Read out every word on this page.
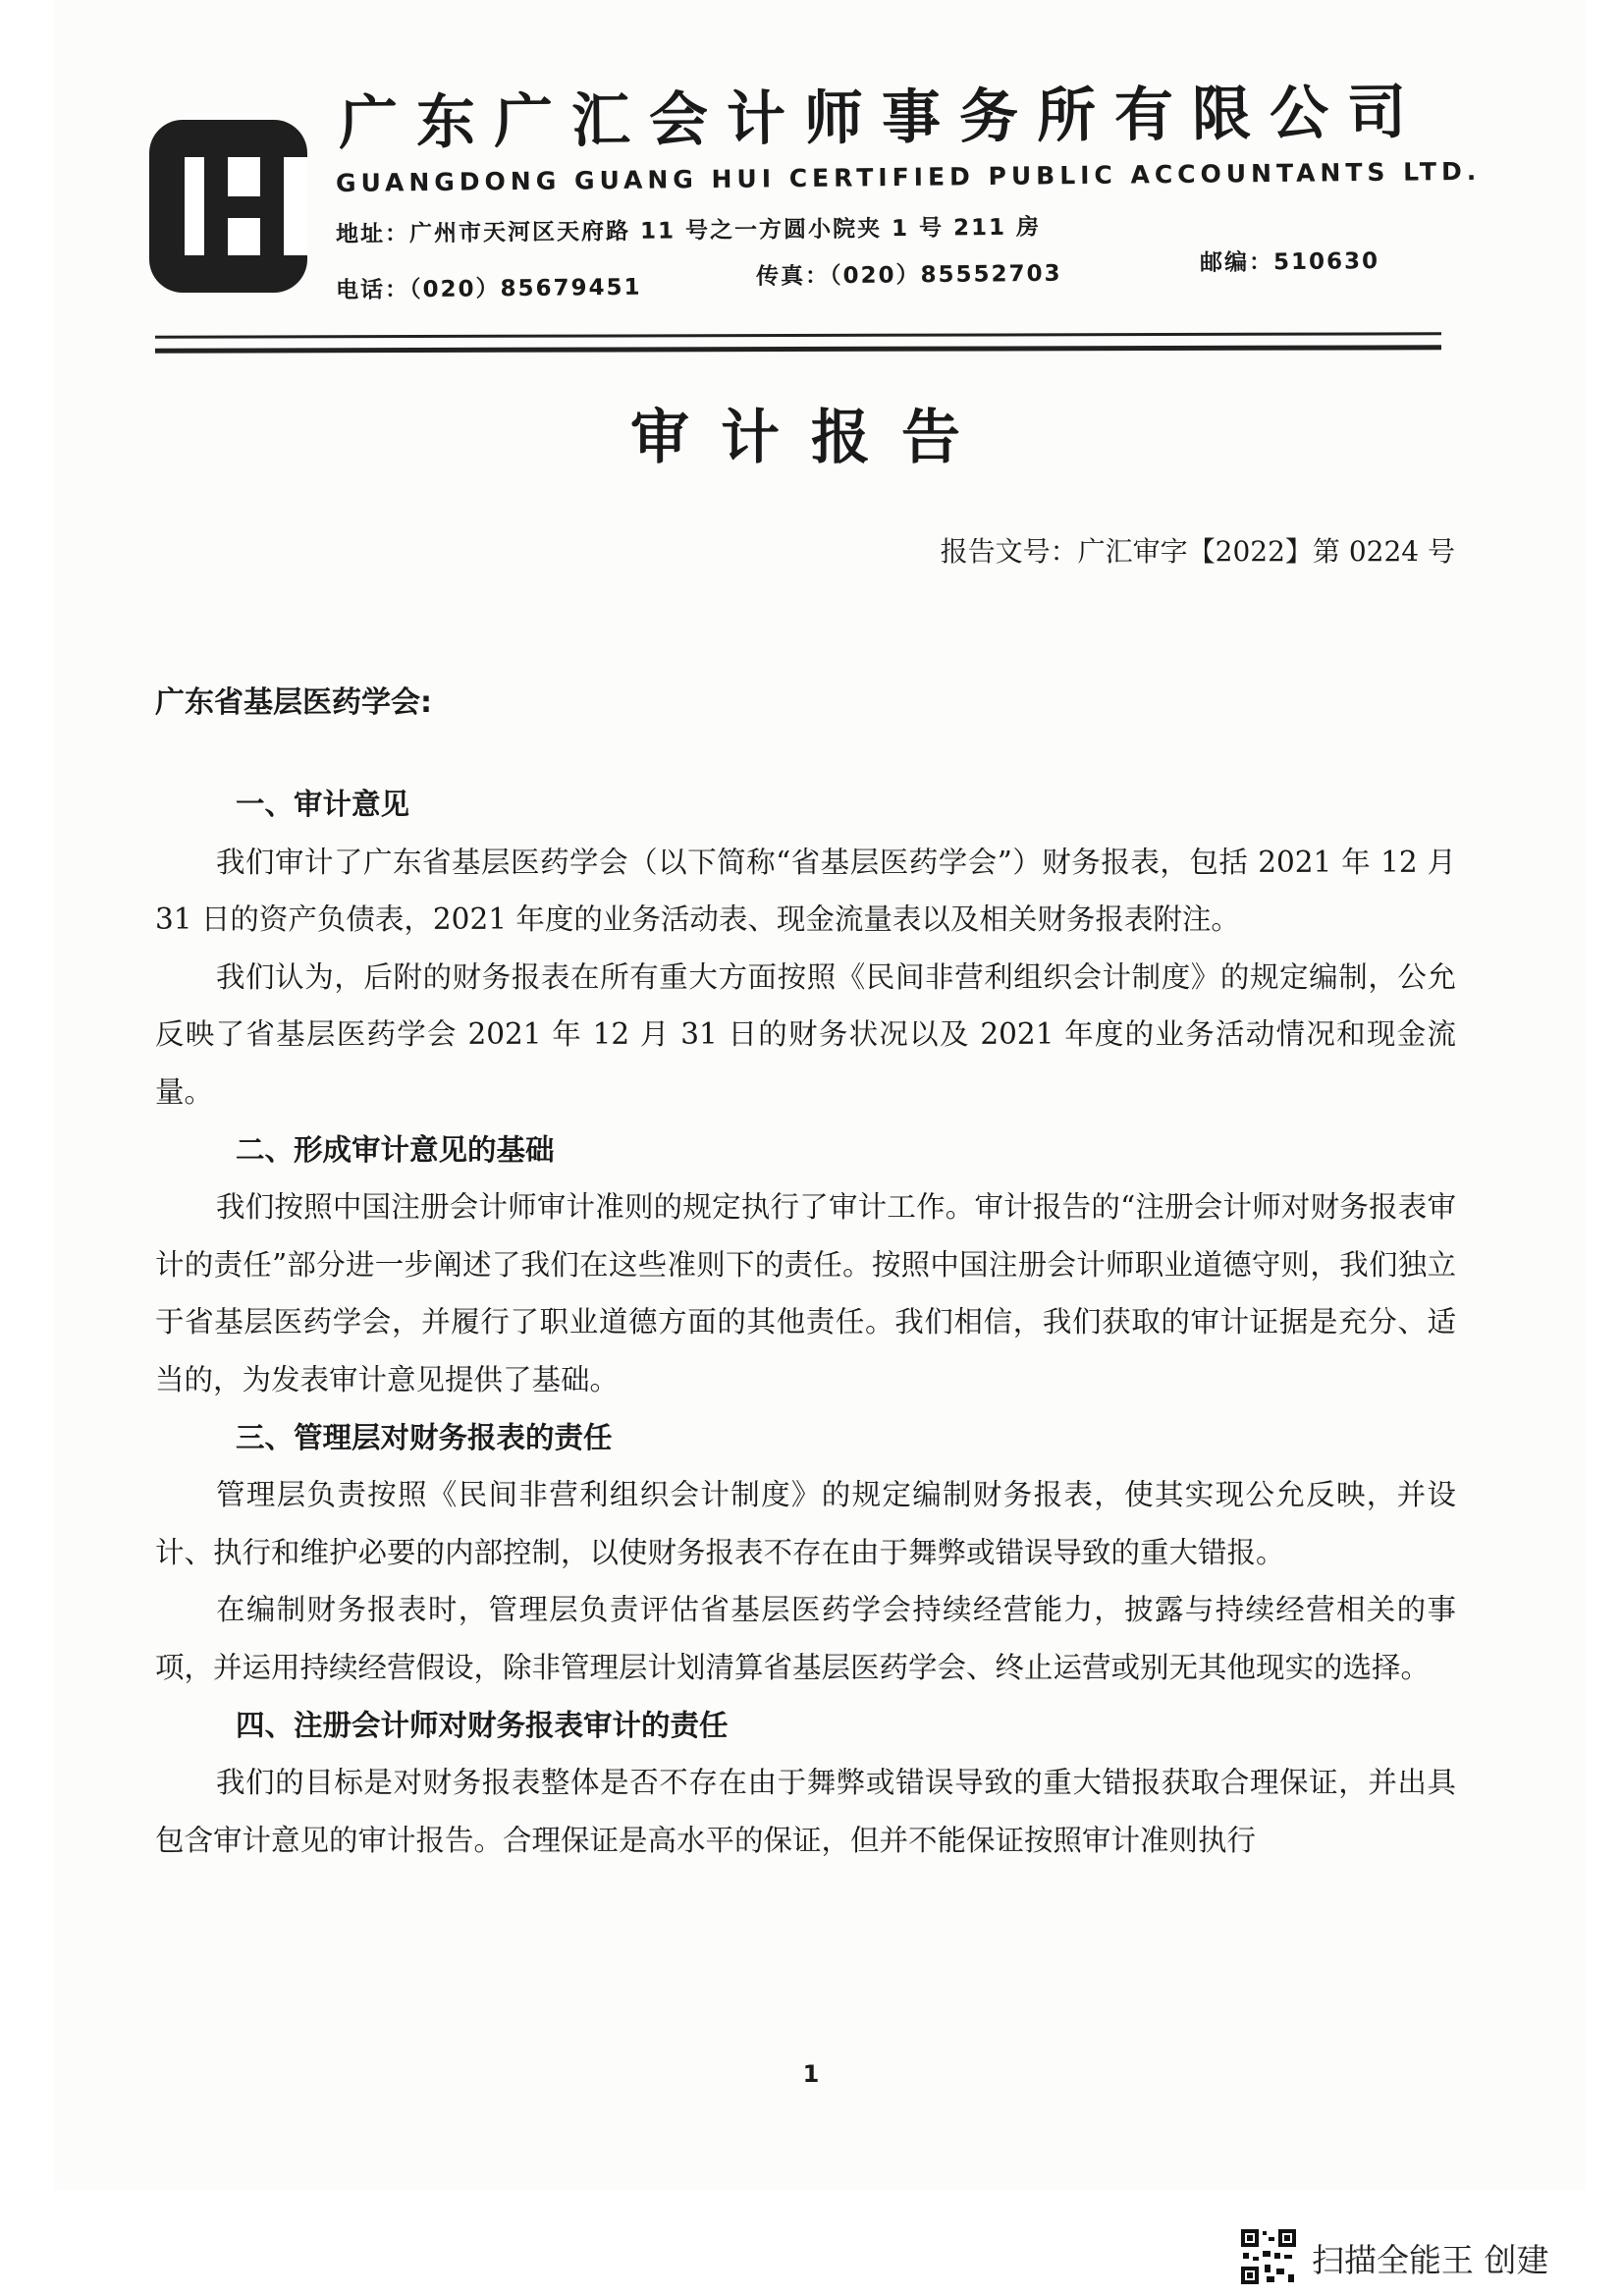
广东广汇会计师事务所有限公司
GUANGDONG GUANG HUI CERTIFIED PUBLIC ACCOUNTANTS LTD.
地址：广州市天河区天府路 11 号之一方圆小院夹 1 号 211 房
电话：（020）85679451	传真：（020）85552703	邮编：510630
审计报告
报告文号：广汇审字【2022】第 0224 号
广东省基层医药学会:

一、审计意见

我们审计了广东省基层医药学会（以下简称“省基层医药学会”）财务报表，包括 2021 年 12 月 31 日的资产负债表，2021 年度的业务活动表、现金流量表以及相关财务报表附注。

我们认为，后附的财务报表在所有重大方面按照《民间非营利组织会计制度》的规定编制，公允反映了省基层医药学会 2021 年 12 月 31 日的财务状况以及 2021 年度的业务活动情况和现金流量。

二、形成审计意见的基础

我们按照中国注册会计师审计准则的规定执行了审计工作。审计报告的“注册会计师对财务报表审计的责任”部分进一步阐述了我们在这些准则下的责任。按照中国注册会计师职业道德守则，我们独立于省基层医药学会，并履行了职业道德方面的其他责任。我们相信，我们获取的审计证据是充分、适当的，为发表审计意见提供了基础。

三、管理层对财务报表的责任

管理层负责按照《民间非营利组织会计制度》的规定编制财务报表，使其实现公允反映，并设计、执行和维护必要的内部控制，以使财务报表不存在由于舞弊或错误导致的重大错报。

在编制财务报表时，管理层负责评估省基层医药学会持续经营能力，披露与持续经营相关的事项，并运用持续经营假设，除非管理层计划清算省基层医药学会、终止运营或别无其他现实的选择。

四、注册会计师对财务报表审计的责任

我们的目标是对财务报表整体是否不存在由于舞弊或错误导致的重大错报获取合理保证，并出具包含审计意见的审计报告。合理保证是高水平的保证，但并不能保证按照审计准则执行

1
扫描全能王 创建
